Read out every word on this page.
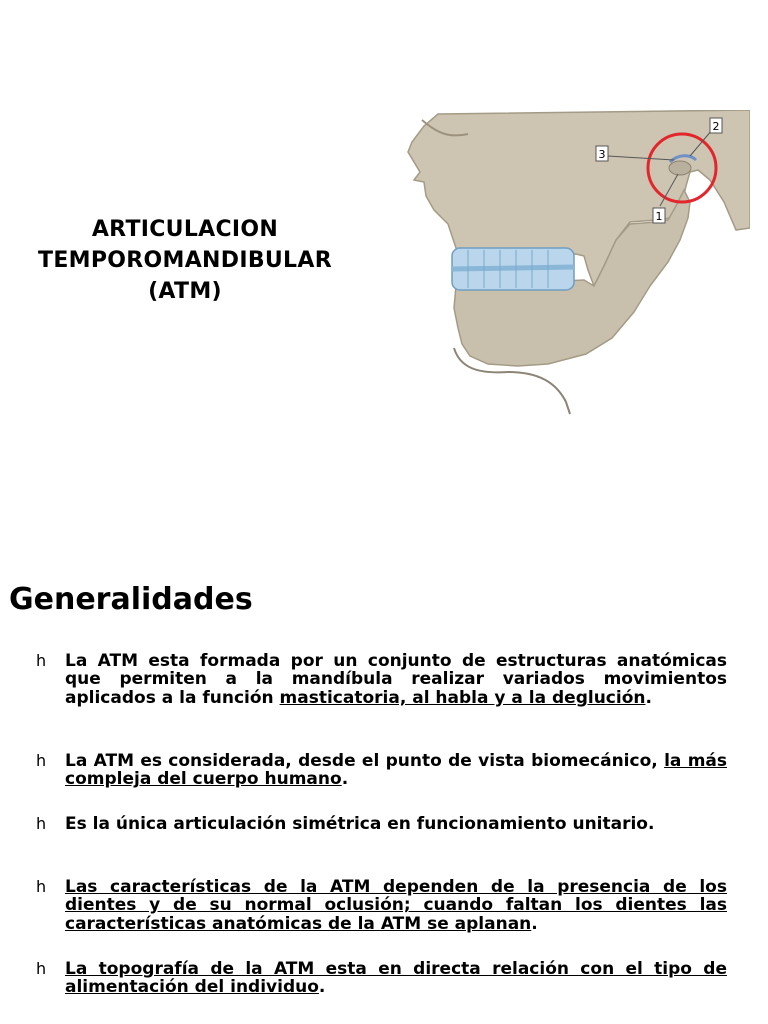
ARTICULACION
TEMPOROMANDIBULAR
(ATM)
3
2
1
Generalidades
h La ATM esta formada por un conjunto de estructuras anatómicas que permiten a la mandíbula realizar variados movimientos aplicados a la función masticatoria, al habla y a la deglución.
h La ATM es considerada, desde el punto de vista biomecánico, la más compleja del cuerpo humano.
h Es la única articulación simétrica en funcionamiento unitario.
h Las características de la ATM dependen de la presencia de los dientes y de su normal oclusión; cuando faltan los dientes las características anatómicas de la ATM se aplanan.
h La topografía de la ATM esta en directa relación con el tipo de alimentación del individuo.
